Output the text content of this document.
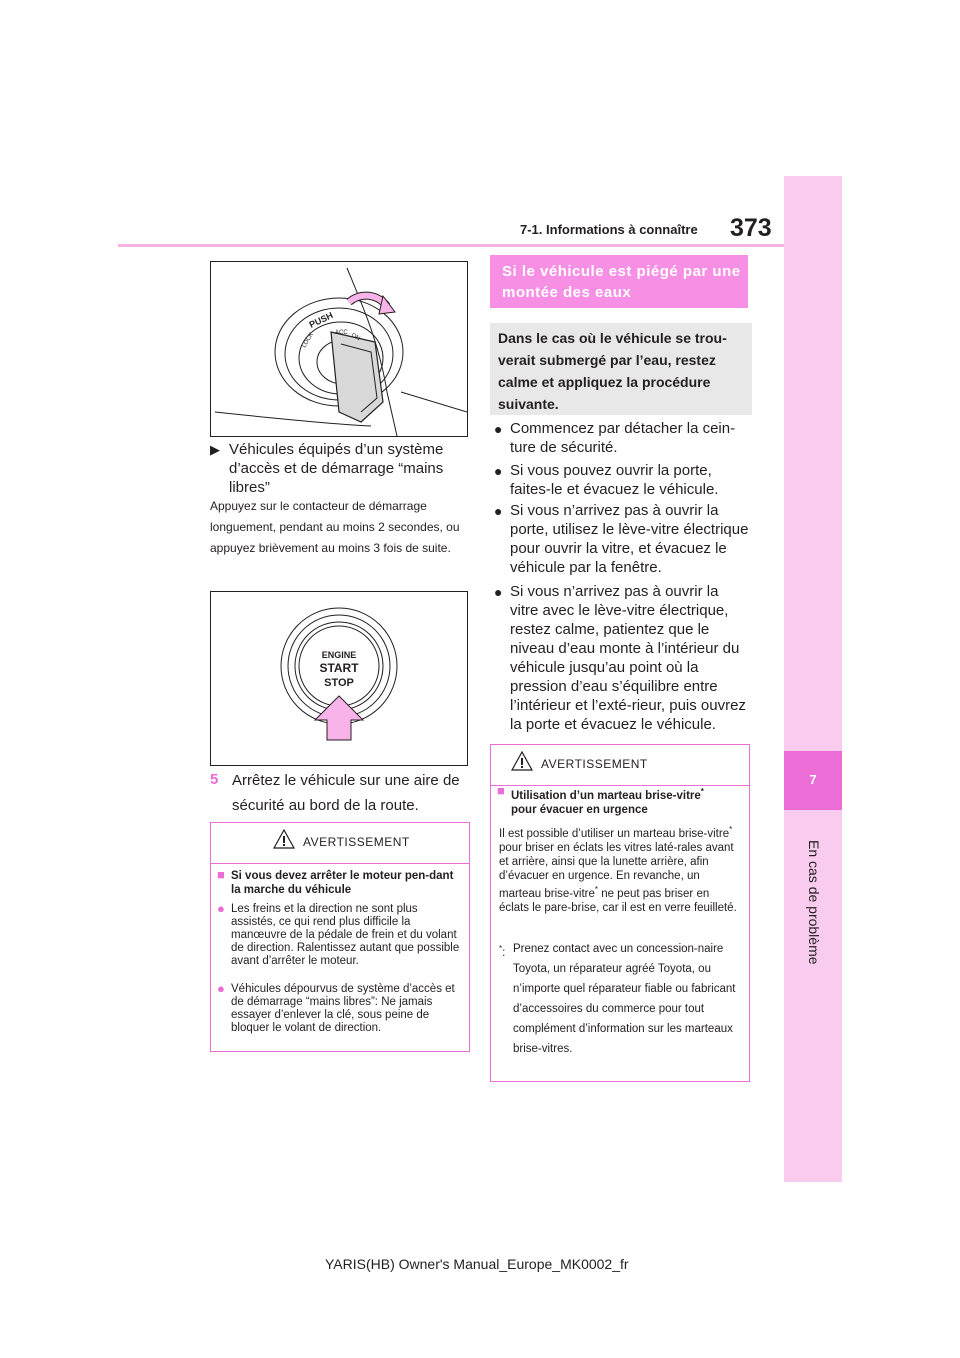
7-1. Informations à connaître 373
7
En cas de problème
PUSH
LOCK	ACC ON
▶ Véhicules équipés d’un système d’accès et de démarrage “mains libres”
Appuyez sur le contacteur de démarrage longuement, pendant au moins 2 secondes, ou appuyez brièvement au moins 3 fois de suite.
ENGINE
START
STOP
5 Arrêtez le véhicule sur une aire de sécurité au bord de la route.
AVERTISSEMENT
■ Si vous devez arrêter le moteur pen-dant la marche du véhicule
● Les freins et la direction ne sont plus assistés, ce qui rend plus difficile la manœuvre de la pédale de frein et du volant de direction. Ralentissez autant que possible avant d’arrêter le moteur.
● Véhicules dépourvus de système d’accès et de démarrage “mains libres”: Ne jamais essayer d’enlever la clé, sous peine de bloquer le volant de direction.
Si le véhicule est piégé par une montée des eaux
Dans le cas où le véhicule se trou-verait submergé par l’eau, restez calme et appliquez la procédure suivante.
● Commencez par détacher la cein-ture de sécurité.
● Si vous pouvez ouvrir la porte, faites-le et évacuez le véhicule.
● Si vous n’arrivez pas à ouvrir la porte, utilisez le lève-vitre électrique pour ouvrir la vitre, et évacuez le véhicule par la fenêtre.
● Si vous n’arrivez pas à ouvrir la vitre avec le lève-vitre électrique, restez calme, patientez que le niveau d’eau monte à l’intérieur du véhicule jusqu’au point où la pression d’eau s’équilibre entre l’intérieur et l’exté-rieur, puis ouvrez la porte et évacuez le véhicule.
AVERTISSEMENT
■ Utilisation d’un marteau brise-vitre*
pour évacuer en urgence
Il est possible d’utiliser un marteau brise-vitre* pour briser en éclats les vitres laté-rales avant et arrière, ainsi que la lunette arrière, afin d’évacuer en urgence. En revanche, un marteau brise-vitre* ne peut pas briser en éclats le pare-brise, car il est en verre feuilleté.
*: Prenez contact avec un concession-naire Toyota, un réparateur agréé Toyota, ou n’importe quel réparateur fiable ou fabricant d’accessoires du commerce pour tout complément d’information sur les marteaux brise-vitres.
YARIS(HB) Owner's Manual_Europe_MK0002_fr
